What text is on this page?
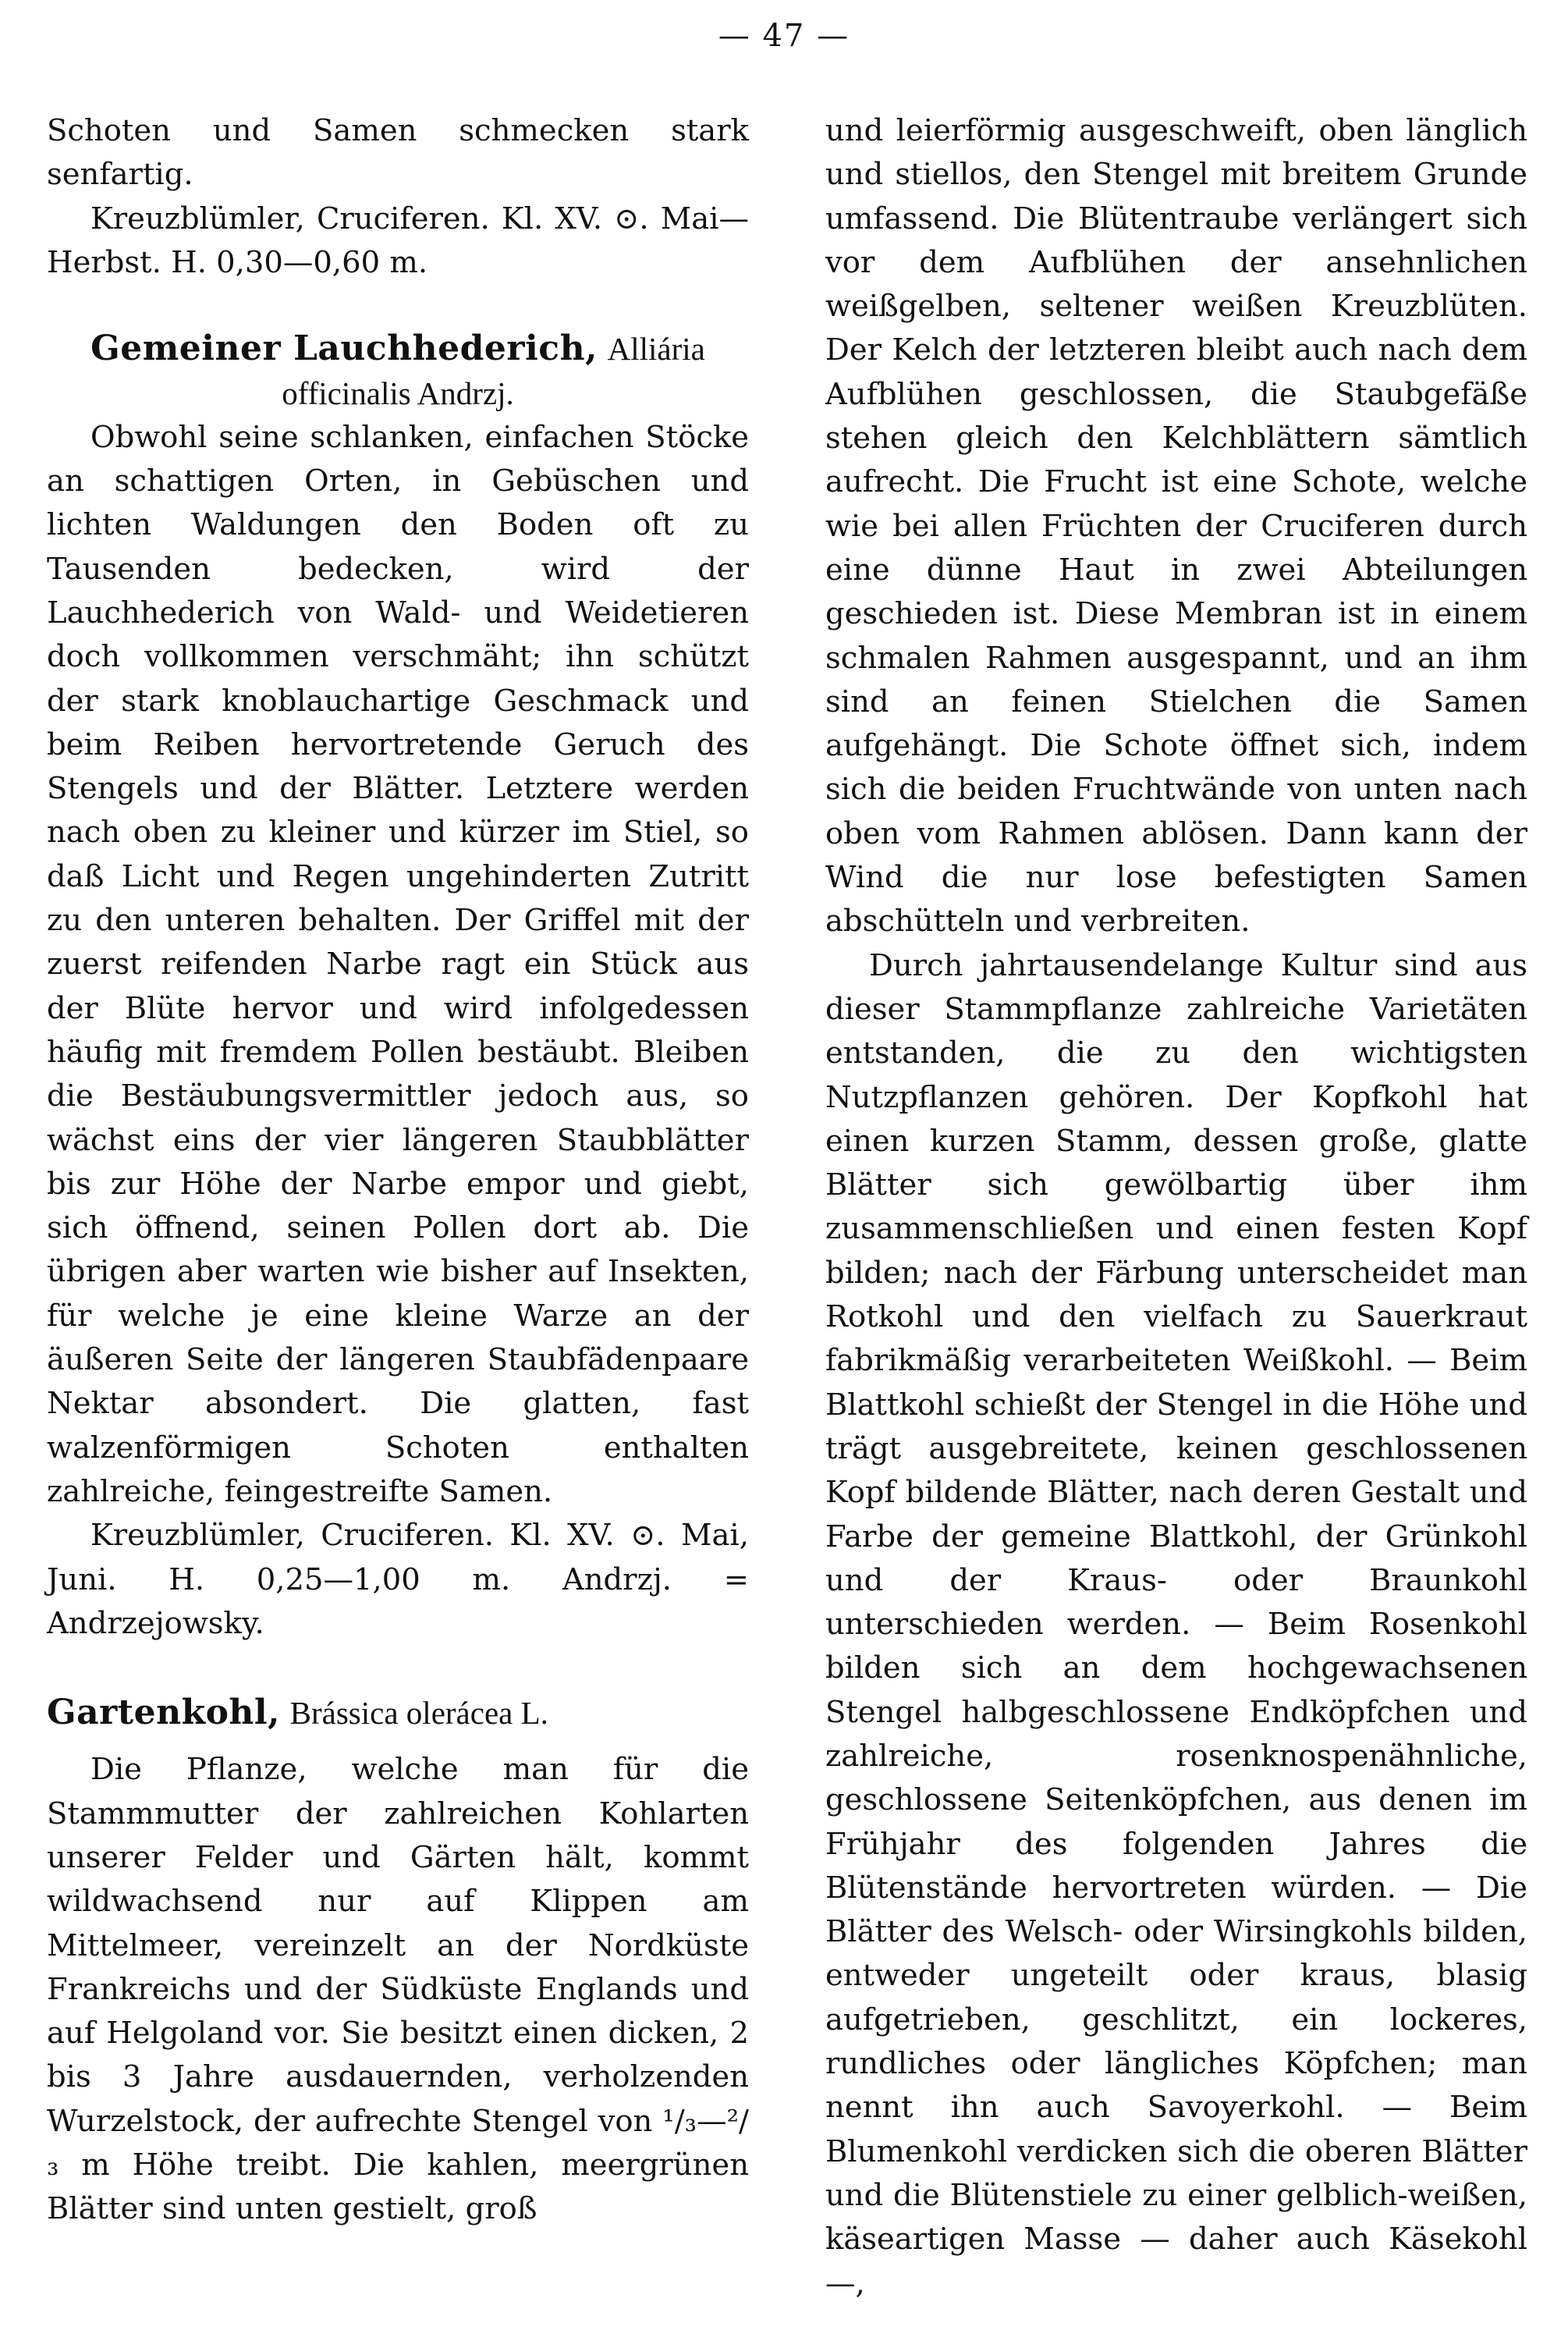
— 47 —

Schoten und Samen schmecken stark senfartig.

Kreuzblümler, Cruciferen. Kl. XV. ⊙. Mai—Herbst. H. 0,30—0,60 m.

Gemeiner Lauchhederich, Alliária
officinalis Andrzj.

Obwohl seine schlanken, einfachen Stöcke an schattigen Orten, in Gebüschen und lichten Waldungen den Boden oft zu Tausenden bedecken, wird der Lauchhederich von Wald- und Weidetieren doch vollkommen verschmäht; ihn schützt der stark knoblauchartige Geschmack und beim Reiben hervortretende Geruch des Stengels und der Blätter. Letztere werden nach oben zu kleiner und kürzer im Stiel, so daß Licht und Regen ungehinderten Zutritt zu den unteren behalten. Der Griffel mit der zuerst reifenden Narbe ragt ein Stück aus der Blüte hervor und wird infolgedessen häufig mit fremdem Pollen bestäubt. Bleiben die Bestäubungsvermittler jedoch aus, so wächst eins der vier längeren Staubblätter bis zur Höhe der Narbe empor und giebt, sich öffnend, seinen Pollen dort ab. Die übrigen aber warten wie bisher auf Insekten, für welche je eine kleine Warze an der äußeren Seite der längeren Staubfädenpaare Nektar absondert. Die glatten, fast walzenförmigen Schoten enthalten zahlreiche, feingestreifte Samen.

Kreuzblümler, Cruciferen. Kl. XV. ⊙. Mai, Juni. H. 0,25—1,00 m. Andrzj. = Andrzejowsky.

Gartenkohl, Brássica olerácea L.

Die Pflanze, welche man für die Stammmutter der zahlreichen Kohlarten unserer Felder und Gärten hält, kommt wildwachsend nur auf Klippen am Mittelmeer, vereinzelt an der Nordküste Frankreichs und der Südküste Englands und auf Helgoland vor. Sie besitzt einen dicken, 2 bis 3 Jahre ausdauernden, verholzenden Wurzelstock, der aufrechte Stengel von ¹/₃—²/₃ m Höhe treibt. Die kahlen, meergrünen Blätter sind unten gestielt, groß

und leierförmig ausgeschweift, oben länglich und stiellos, den Stengel mit breitem Grunde umfassend. Die Blütentraube verlängert sich vor dem Aufblühen der ansehnlichen weißgelben, seltener weißen Kreuzblüten. Der Kelch der letzteren bleibt auch nach dem Aufblühen geschlossen, die Staubgefäße stehen gleich den Kelchblättern sämtlich aufrecht. Die Frucht ist eine Schote, welche wie bei allen Früchten der Cruciferen durch eine dünne Haut in zwei Abteilungen geschieden ist. Diese Membran ist in einem schmalen Rahmen ausgespannt, und an ihm sind an feinen Stielchen die Samen aufgehängt. Die Schote öffnet sich, indem sich die beiden Fruchtwände von unten nach oben vom Rahmen ablösen. Dann kann der Wind die nur lose befestigten Samen abschütteln und verbreiten.

Durch jahrtausendelange Kultur sind aus dieser Stammpflanze zahlreiche Varietäten entstanden, die zu den wichtigsten Nutzpflanzen gehören. Der Kopfkohl hat einen kurzen Stamm, dessen große, glatte Blätter sich gewölbartig über ihm zusammenschließen und einen festen Kopf bilden; nach der Färbung unterscheidet man Rotkohl und den vielfach zu Sauerkraut fabrikmäßig verarbeiteten Weißkohl. — Beim Blattkohl schießt der Stengel in die Höhe und trägt ausgebreitete, keinen geschlossenen Kopf bildende Blätter, nach deren Gestalt und Farbe der gemeine Blattkohl, der Grünkohl und der Kraus- oder Braunkohl unterschieden werden. — Beim Rosenkohl bilden sich an dem hochgewachsenen Stengel halbgeschlossene Endköpfchen und zahlreiche, rosenknospenähnliche, geschlossene Seitenköpfchen, aus denen im Frühjahr des folgenden Jahres die Blütenstände hervortreten würden. — Die Blätter des Welsch- oder Wirsingkohls bilden, entweder ungeteilt oder kraus, blasig aufgetrieben, geschlitzt, ein lockeres, rundliches oder längliches Köpfchen; man nennt ihn auch Savoyerkohl. — Beim Blumenkohl verdicken sich die oberen Blätter und die Blütenstiele zu einer gelblich-weißen, käseartigen Masse — daher auch Käsekohl —,
